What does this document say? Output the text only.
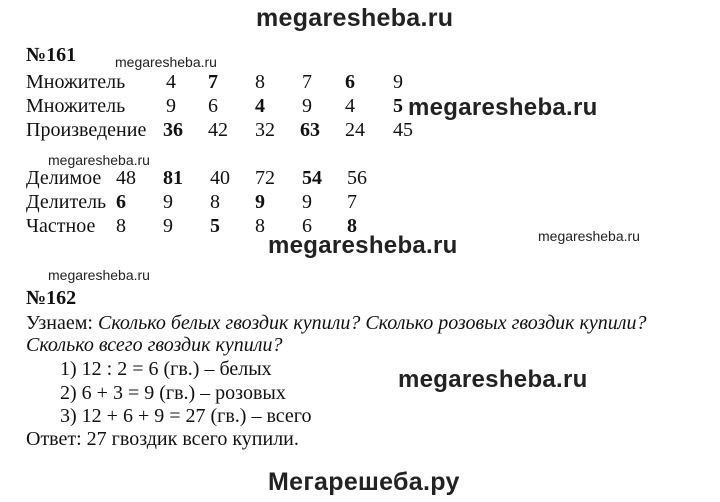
megaresheba.ru
№161	megaresheba.ru
Множитель 4 7 8 7 6 9
Множитель 9 6 4 9 4 5
Произведение 36 42 32 63 24 45
megaresheba.ru
Делимое 48 81 40 72 54 56
Делитель 6 9 8 9 9 7
Частное 8 9 5 8 6 8
megaresheba.ru
megaresheba.ru	megaresheba.ru
megaresheba.ru
№162
Узнаем: Сколько белых гвоздик купили? Сколько розовых гвоздик купили?
Сколько всего гвоздик купили?
1) 12 : 2 = 6 (гв.) – белых
2) 6 + 3 = 9 (гв.) – розовых
3) 12 + 6 + 9 = 27 (гв.) – всего
megaresheba.ru
Ответ: 27 гвоздик всего купили.
Мегарешеба.ру
